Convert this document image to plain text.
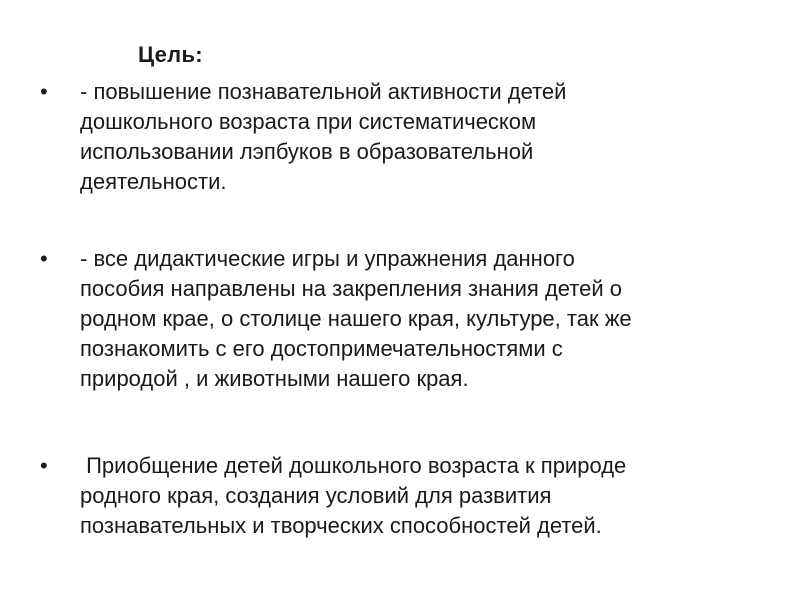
Цель:
•	- повышение познавательной активности детей
дошкольного возраста при систематическом
использовании лэпбуков в образовательной
деятельности.
•	- все дидактические игры и упражнения данного
пособия направлены на закрепления знания детей о
родном крае, о столице нашего края, культуре, так же
познакомить с его достопримечательностями с
природой , и животными нашего края.
•	Приобщение детей дошкольного возраста к природе
родного края, создания условий для развития
познавательных и творческих способностей детей.
